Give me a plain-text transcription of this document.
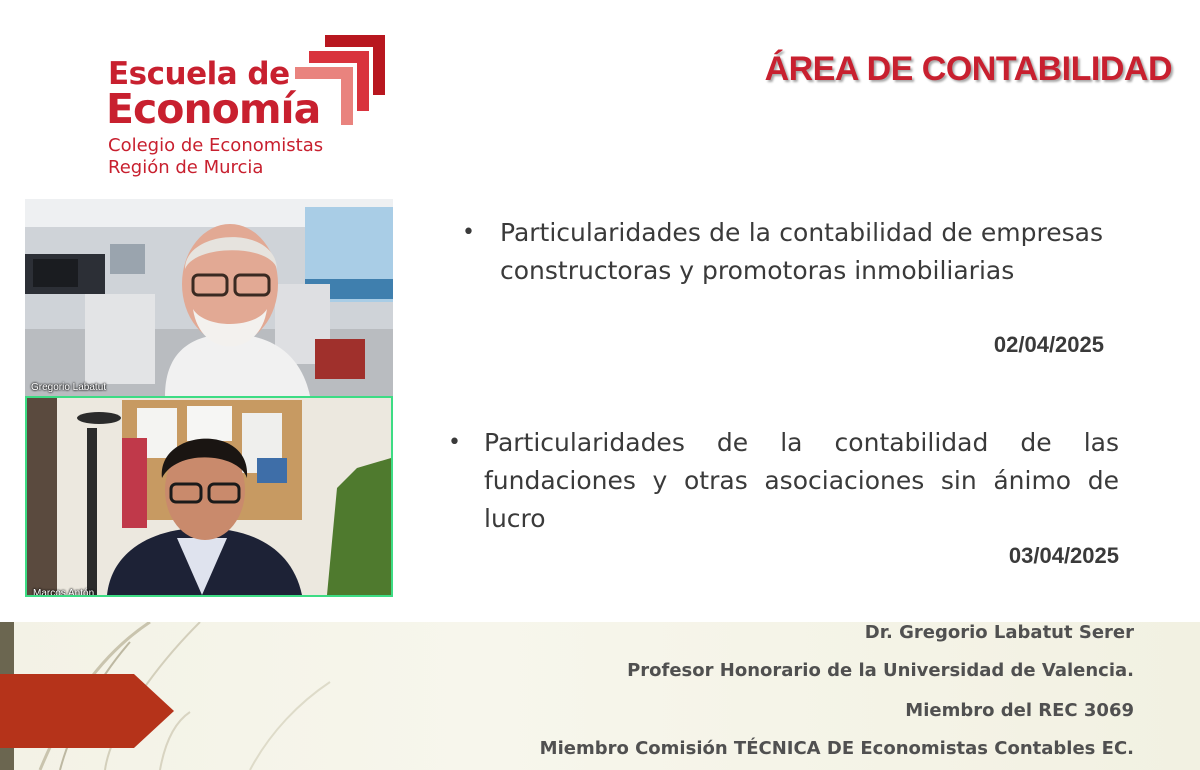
Escuela de
Economía
Colegio de Economistas
Región de Murcia
ÁREA DE CONTABILIDAD
Gregorio Labatut
Marcos Antón
• Particularidades de la contabilidad de empresas constructoras y promotoras inmobiliarias
02/04/2025
• Particularidades de la contabilidad de las fundaciones y otras asociaciones sin ánimo de lucro
03/04/2025
Dr. Gregorio Labatut Serer
Profesor Honorario de la Universidad de Valencia.
Miembro del REC 3069
Miembro Comisión TÉCNICA DE Economistas Contables EC.
